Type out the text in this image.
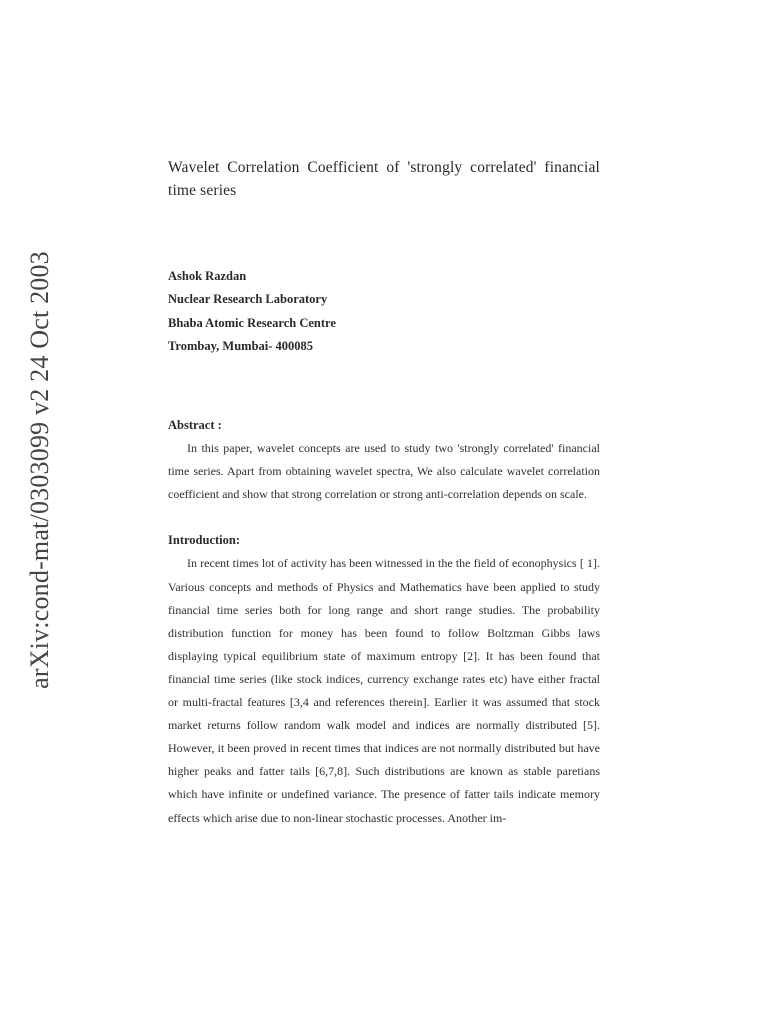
arXiv:cond-mat/0303099 v2 24 Oct 2003
Wavelet Correlation Coefficient of 'strongly correlated' financial time series
Ashok Razdan
Nuclear Research Laboratory
Bhaba Atomic Research Centre
Trombay, Mumbai- 400085
Abstract :

In this paper, wavelet concepts are used to study two 'strongly correlated' financial time series. Apart from obtaining wavelet spectra, We also calculate wavelet correlation coefficient and show that strong correlation or strong anti-correlation depends on scale.

Introduction:

In recent times lot of activity has been witnessed in the the field of econophysics [ 1]. Various concepts and methods of Physics and Mathematics have been applied to study financial time series both for long range and short range studies. The probability distribution function for money has been found to follow Boltzman Gibbs laws displaying typical equilibrium state of maximum entropy [2]. It has been found that financial time series (like stock indices, currency exchange rates etc) have either fractal or multi-fractal features [3,4 and references therein]. Earlier it was assumed that stock market returns follow random walk model and indices are normally distributed [5]. However, it been proved in recent times that indices are not normally distributed but have higher peaks and fatter tails [6,7,8]. Such distributions are known as stable paretians which have infinite or undefined variance. The presence of fatter tails indicate memory effects which arise due to non-linear stochastic processes. Another im-
